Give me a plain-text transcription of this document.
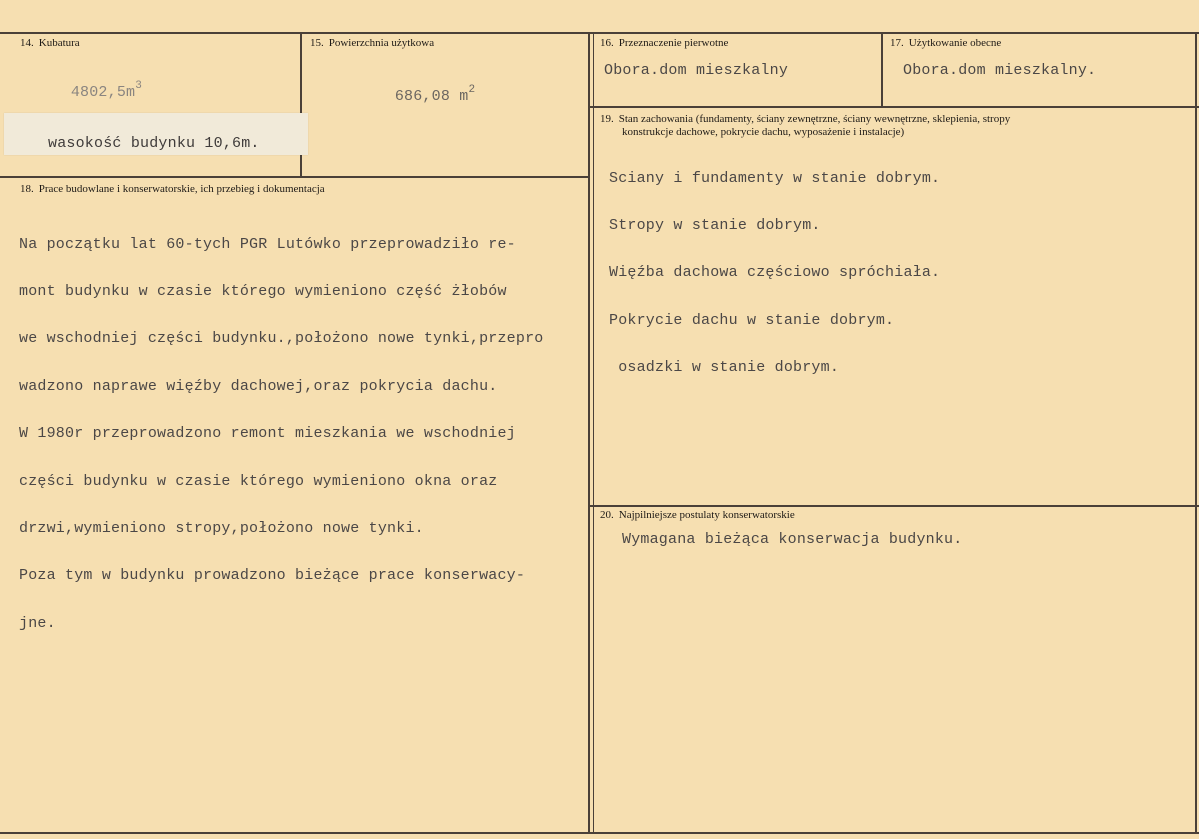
14. Kubatura

$4802,5m^3$

15. Powierzchnia użytkowa

686,08 $m^2$

wasokość budynku 10,6m.
16. Przeznaczenie pierwotne
Obora.dom mieszkalny
17. Użytkowanie obecne
Obora.dom mieszkalny.
18. Prace budowlane i konserwatorskie, ich przebieg i dokumentacja

Na początku lat 60-tych PGR Lutówko przeprowadziło re-

mont budynku w czasie którego wymieniono część żłobów

we wschodniej części budynku.,położono nowe tynki,przepro

wadzono naprawe więźby dachowej,oraz pokrycia dachu.

W 1980r przeprowadzono remont mieszkania we wschodniej

części budynku w czasie którego wymieniono okna oraz

drzwi,wymieniono stropy,położono nowe tynki.

Poza tym w budynku prowadzono bieżące prace konserwacy-

jne.

19. Stan zachowania (fundamenty, ściany zewnętrzne, ściany wewnętrzne, sklepienia, stropy
konstrukcje dachowe, pokrycie dachu, wyposażenie i instalacje)

Sciany i fundamenty w stanie dobrym.

Stropy w stanie dobrym.

Więźba dachowa częściowo spróchiała.

Pokrycie dachu w stanie dobrym.

osadzki w stanie dobrym.

20. Najpilniejsze postulaty konserwatorskie
Wymagana bieżąca konserwacja budynku.
